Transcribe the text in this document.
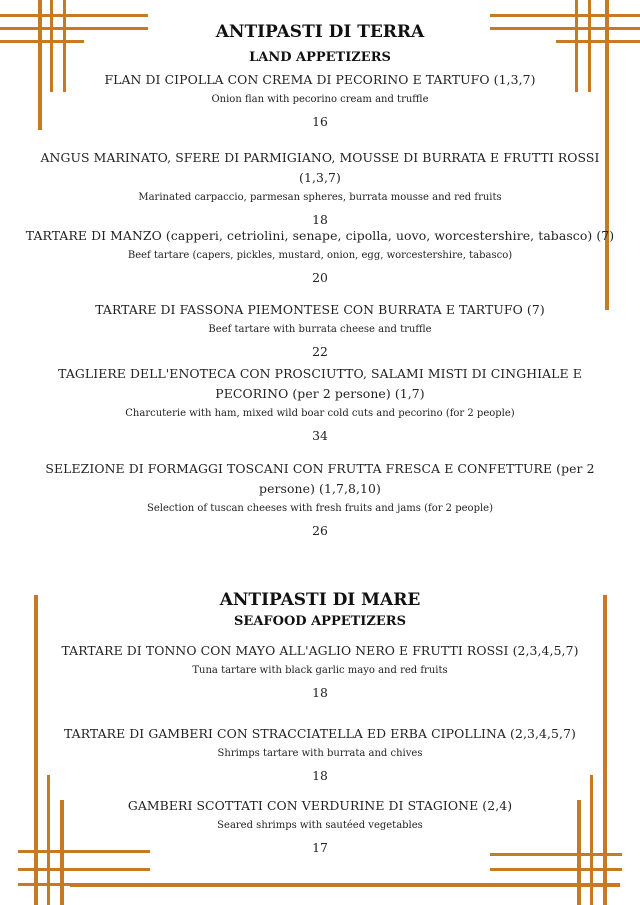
ANTIPASTI DI TERRA
LAND APPETIZERS
FLAN DI CIPOLLA CON CREMA DI PECORINO E TARTUFO (1,3,7)
Onion flan with pecorino cream and truffle
16
ANGUS MARINATO, SFERE DI PARMIGIANO, MOUSSE DI BURRATA E FRUTTI ROSSI (1,3,7)
Marinated carpaccio, parmesan spheres, burrata mousse and red fruits
18
TARTARE DI MANZO (capperi, cetriolini, senape, cipolla, uovo, worcestershire, tabasco) (7)
Beef tartare (capers, pickles, mustard, onion, egg, worcestershire, tabasco)
20
TARTARE DI FASSONA PIEMONTESE CON BURRATA E TARTUFO (7)
Beef tartare with burrata cheese and truffle
22
TAGLIERE DELL'ENOTECA CON PROSCIUTTO, SALAMI MISTI DI CINGHIALE E PECORINO (per 2 persone) (1,7)
Charcuterie with ham, mixed wild boar cold cuts and pecorino (for 2 people)
34
SELEZIONE DI FORMAGGI TOSCANI CON FRUTTA FRESCA E CONFETTURE (per 2 persone) (1,7,8,10)
Selection of tuscan cheeses with fresh fruits and jams (for 2 people)
26
ANTIPASTI DI MARE
SEAFOOD APPETIZERS
TARTARE DI TONNO CON MAYO ALL'AGLIO NERO E FRUTTI ROSSI (2,3,4,5,7)
Tuna tartare with black garlic mayo and red fruits
18
TARTARE DI GAMBERI CON STRACCIATELLA ED ERBA CIPOLLINA (2,3,4,5,7)
Shrimps tartare with burrata and chives
18
GAMBERI SCOTTATI CON VERDURINE DI STAGIONE (2,4)
Seared shrimps with sautéed vegetables
17
